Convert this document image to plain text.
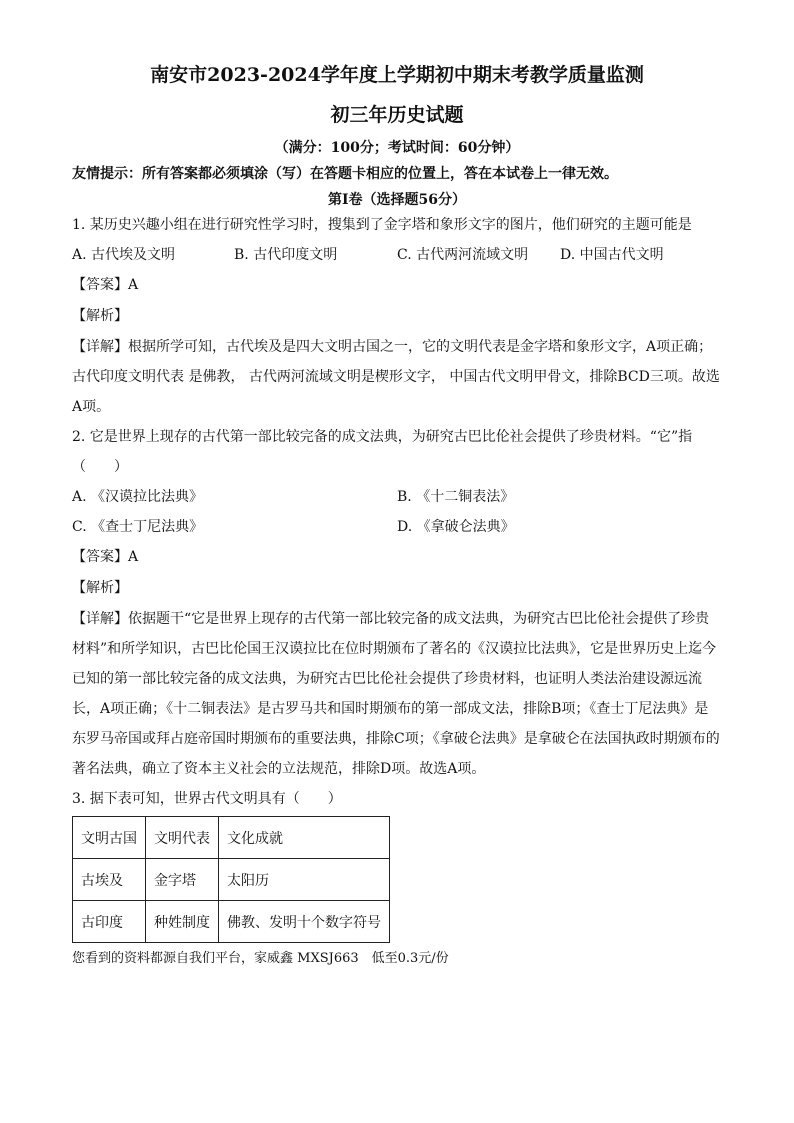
南安市2023-2024学年度上学期初中期末考教学质量监测
初三年历史试题
（满分：100分；考试时间：60分钟）
友情提示：所有答案都必须填涂（写）在答题卡相应的位置上，答在本试卷上一律无效。
第Ⅰ卷（选择题56分）

1. 某历史兴趣小组在进行研究性学习时，搜集到了金字塔和象形文字的图片，他们研究的主题可能是

A. 古代埃及文明	B. 古代印度文明	C. 古代两河流域文明	D. 中国古代文明
【答案】A
【解析】

【详解】根据所学可知，古代埃及是四大文明古国之一，它的文明代表是金字塔和象形文字，A项正确；古代印度文明代表 是佛教， 古代两河流域文明是楔形文字， 中国古代文明甲骨文，排除BCD三项。故选A项。

2. 它是世界上现存的古代第一部比较完备的成文法典，为研究古巴比伦社会提供了珍贵材料。“它”指（　　）

A. 《汉谟拉比法典》	B. 《十二铜表法》
C. 《查士丁尼法典》	D. 《拿破仑法典》
【答案】A
【解析】

【详解】依据题干“它是世界上现存的古代第一部比较完备的成文法典，为研究古巴比伦社会提供了珍贵材料”和所学知识，古巴比伦国王汉谟拉比在位时期颁布了著名的《汉谟拉比法典》，它是世界历史上迄今已知的第一部比较完备的成文法典，为研究古巴比伦社会提供了珍贵材料，也证明人类法治建设源远流长，A项正确；《十二铜表法》是古罗马共和国时期颁布的第一部成文法，排除B项；《查士丁尼法典》是东罗马帝国或拜占庭帝国时期颁布的重要法典，排除C项；《拿破仑法典》是拿破仑在法国执政时期颁布的著名法典，确立了资本主义社会的立法规范，排除D项。故选A项。

3. 据下表可知，世界古代文明具有（　　）

文明古国	文明代表	文化成就
古埃及	金字塔	太阳历
古印度	种姓制度	佛教、发明十个数字符号
您看到的资料都源自我们平台，家威鑫 MXSJ663　低至0.3元/份
